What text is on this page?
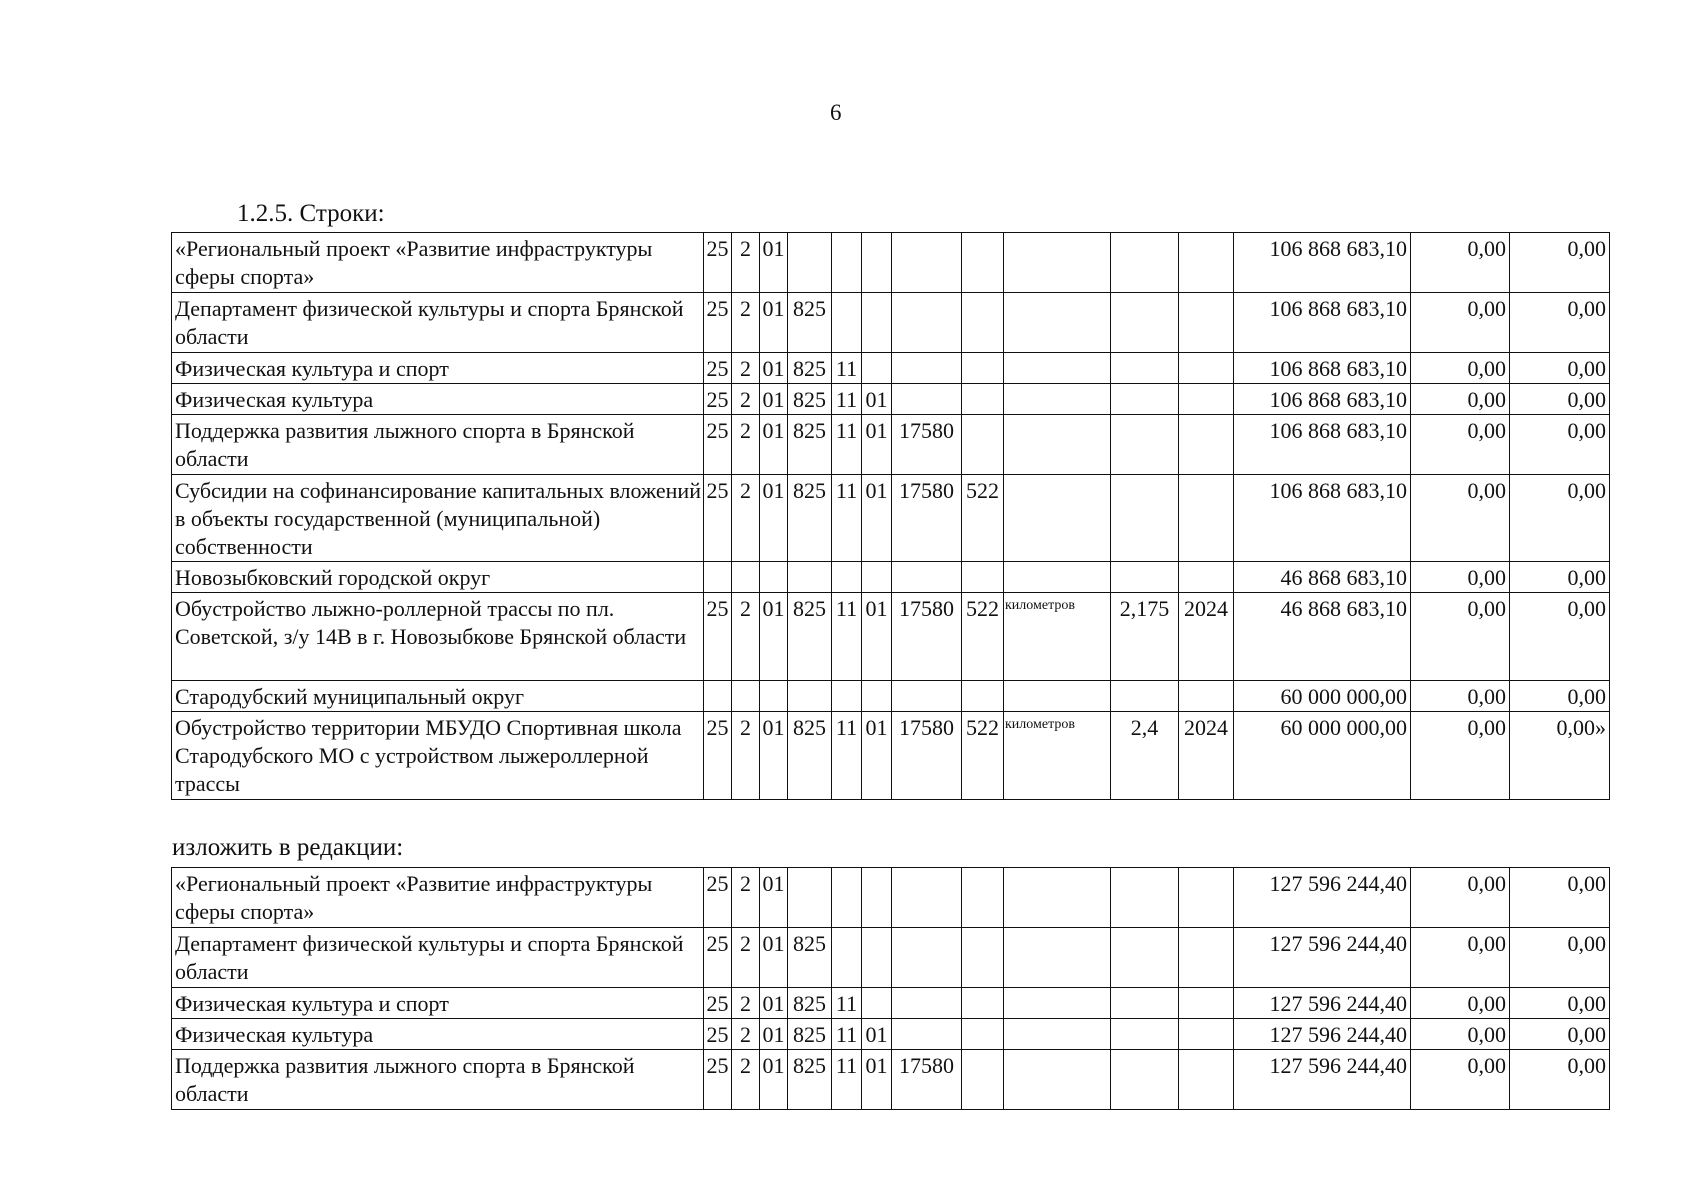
6
1.2.5. Строки:
«Региональный проект «Развитие инфраструктуры сферы спорта»	25	2	01									106 868 683,10	0,00	0,00
Департамент физической культуры и спорта Брянской области	25	2	01	825								106 868 683,10	0,00	0,00
Физическая культура и спорт	25	2	01	825	11							106 868 683,10	0,00	0,00
Физическая культура	25	2	01	825	11	01						106 868 683,10	0,00	0,00
Поддержка развития лыжного спорта в Брянской области	25	2	01	825	11	01	17580					106 868 683,10	0,00	0,00
Субсидии на софинансирование капитальных вложений в объекты государственной (муниципальной) собственности	25	2	01	825	11	01	17580	522				106 868 683,10	0,00	0,00
Новозыбковский городской округ												46 868 683,10	0,00	0,00
Обустройство лыжно-роллерной трассы по пл. Советской, з/у 14В в г. Новозыбкове Брянской области	25	2	01	825	11	01	17580	522	километров	2,175	2024	46 868 683,10	0,00	0,00
Стародубский муниципальный округ												60 000 000,00	0,00	0,00
Обустройство территории МБУДО Спортивная школа Стародубского МО с устройством лыжероллерной трассы	25	2	01	825	11	01	17580	522	километров	2,4	2024	60 000 000,00	0,00	0,00»
изложить в редакции:
«Региональный проект «Развитие инфраструктуры сферы спорта»	25	2	01									127 596 244,40	0,00	0,00
Департамент физической культуры и спорта Брянской области	25	2	01	825								127 596 244,40	0,00	0,00
Физическая культура и спорт	25	2	01	825	11							127 596 244,40	0,00	0,00
Физическая культура	25	2	01	825	11	01						127 596 244,40	0,00	0,00
Поддержка развития лыжного спорта в Брянской области	25	2	01	825	11	01	17580					127 596 244,40	0,00	0,00
